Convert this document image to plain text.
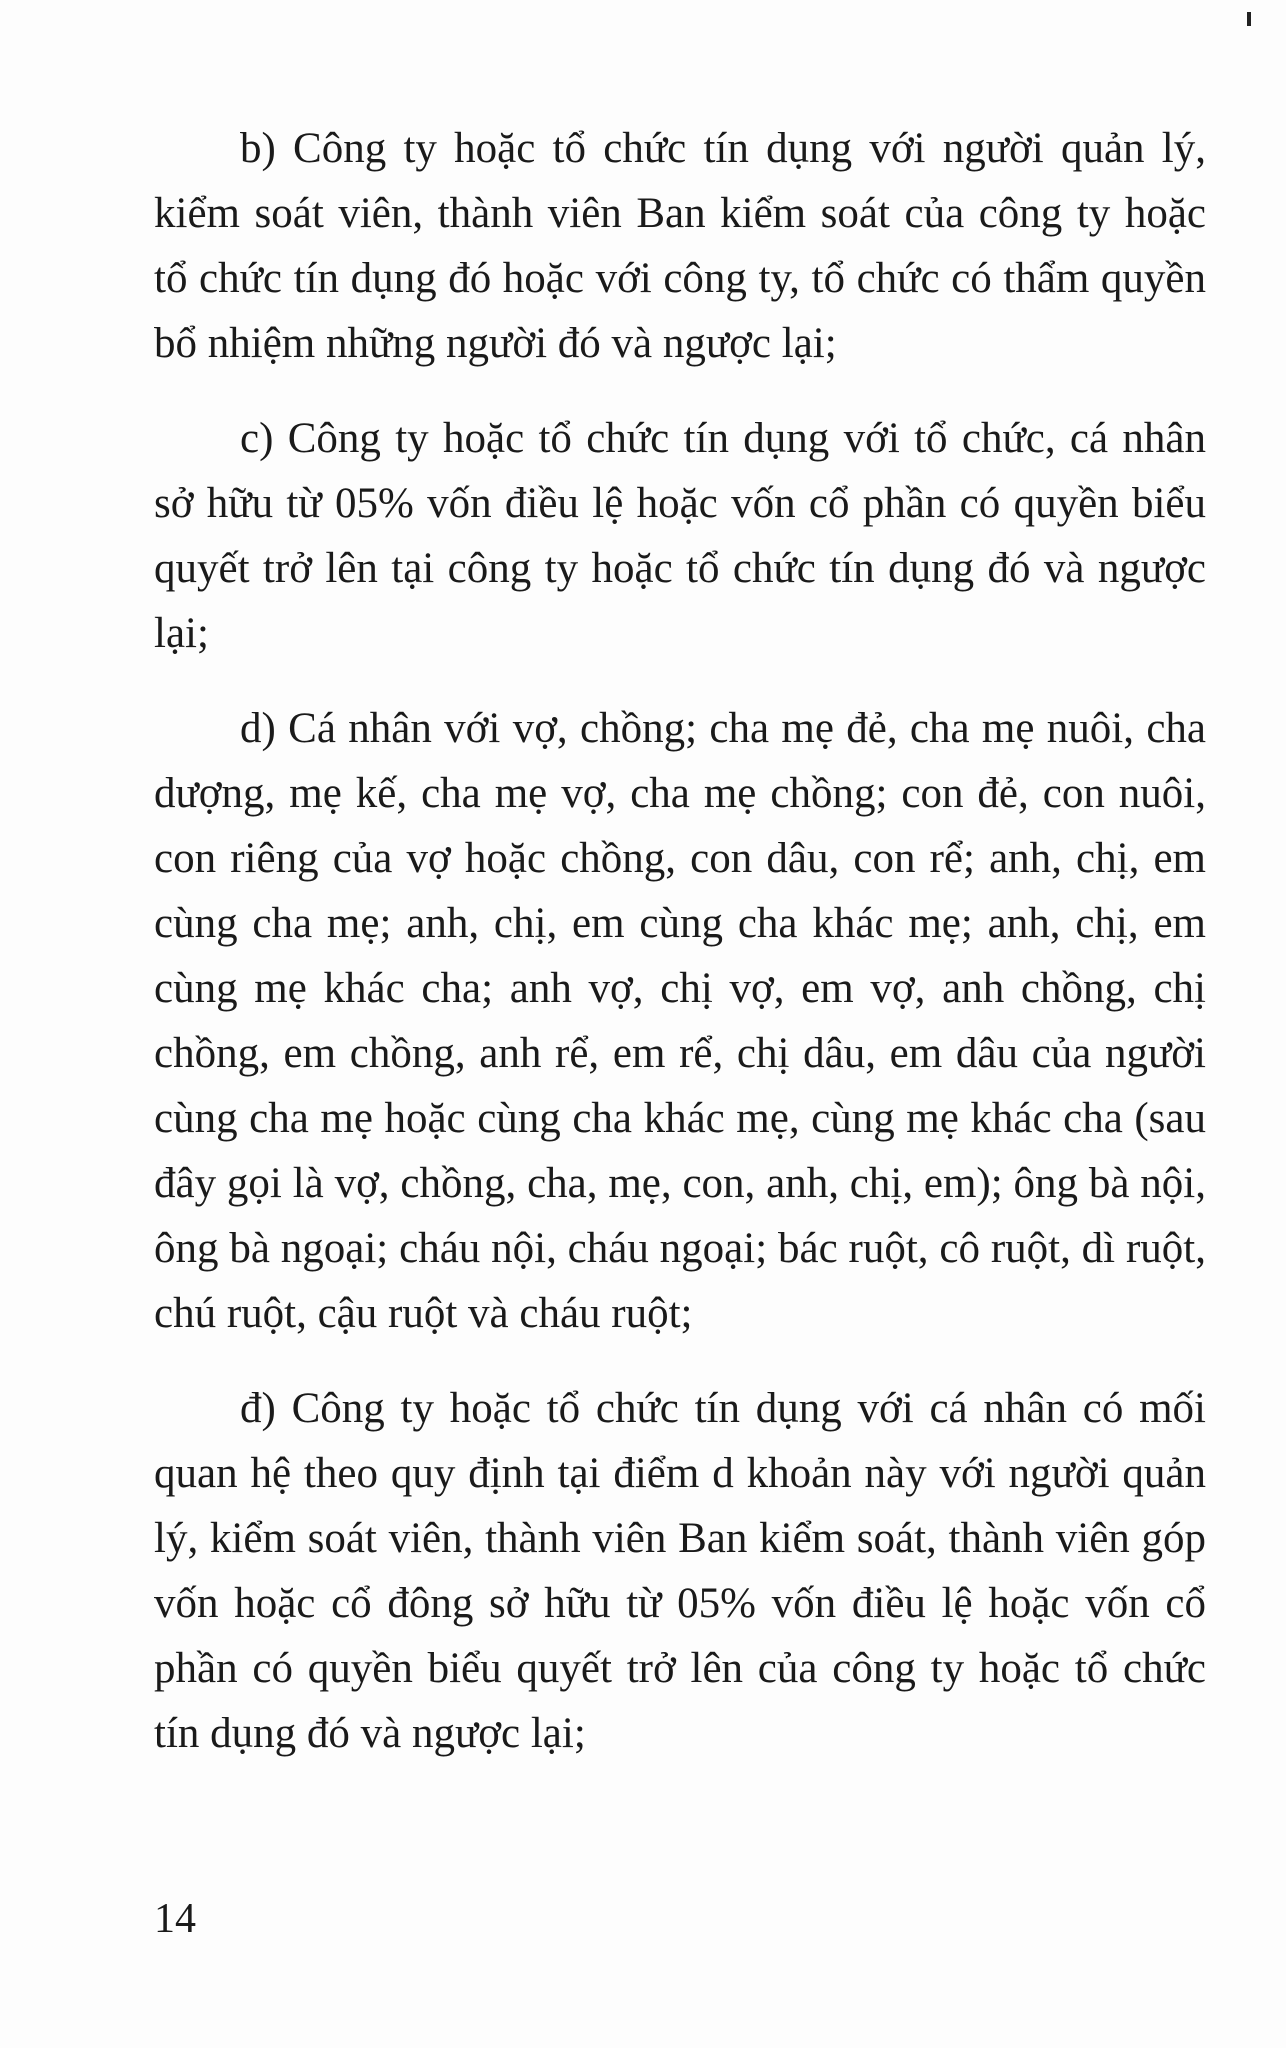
b) Công ty hoặc tổ chức tín dụng với người quản lý, kiểm soát viên, thành viên Ban kiểm soát của công ty hoặc tổ chức tín dụng đó hoặc với công ty, tổ chức có thẩm quyền bổ nhiệm những người đó và ngược lại;

c) Công ty hoặc tổ chức tín dụng với tổ chức, cá nhân sở hữu từ 05% vốn điều lệ hoặc vốn cổ phần có quyền biểu quyết trở lên tại công ty hoặc tổ chức tín dụng đó và ngược lại;

d) Cá nhân với vợ, chồng; cha mẹ đẻ, cha mẹ nuôi, cha dượng, mẹ kế, cha mẹ vợ, cha mẹ chồng; con đẻ, con nuôi, con riêng của vợ hoặc chồng, con dâu, con rể; anh, chị, em cùng cha mẹ; anh, chị, em cùng cha khác mẹ; anh, chị, em cùng mẹ khác cha; anh vợ, chị vợ, em vợ, anh chồng, chị chồng, em chồng, anh rể, em rể, chị dâu, em dâu của người cùng cha mẹ hoặc cùng cha khác mẹ, cùng mẹ khác cha (sau đây gọi là vợ, chồng, cha, mẹ, con, anh, chị, em); ông bà nội, ông bà ngoại; cháu nội, cháu ngoại; bác ruột, cô ruột, dì ruột, chú ruột, cậu ruột và cháu ruột;

đ) Công ty hoặc tổ chức tín dụng với cá nhân có mối quan hệ theo quy định tại điểm d khoản này với người quản lý, kiểm soát viên, thành viên Ban kiểm soát, thành viên góp vốn hoặc cổ đông sở hữu từ 05% vốn điều lệ hoặc vốn cổ phần có quyền biểu quyết trở lên của công ty hoặc tổ chức tín dụng đó và ngược lại;

14
